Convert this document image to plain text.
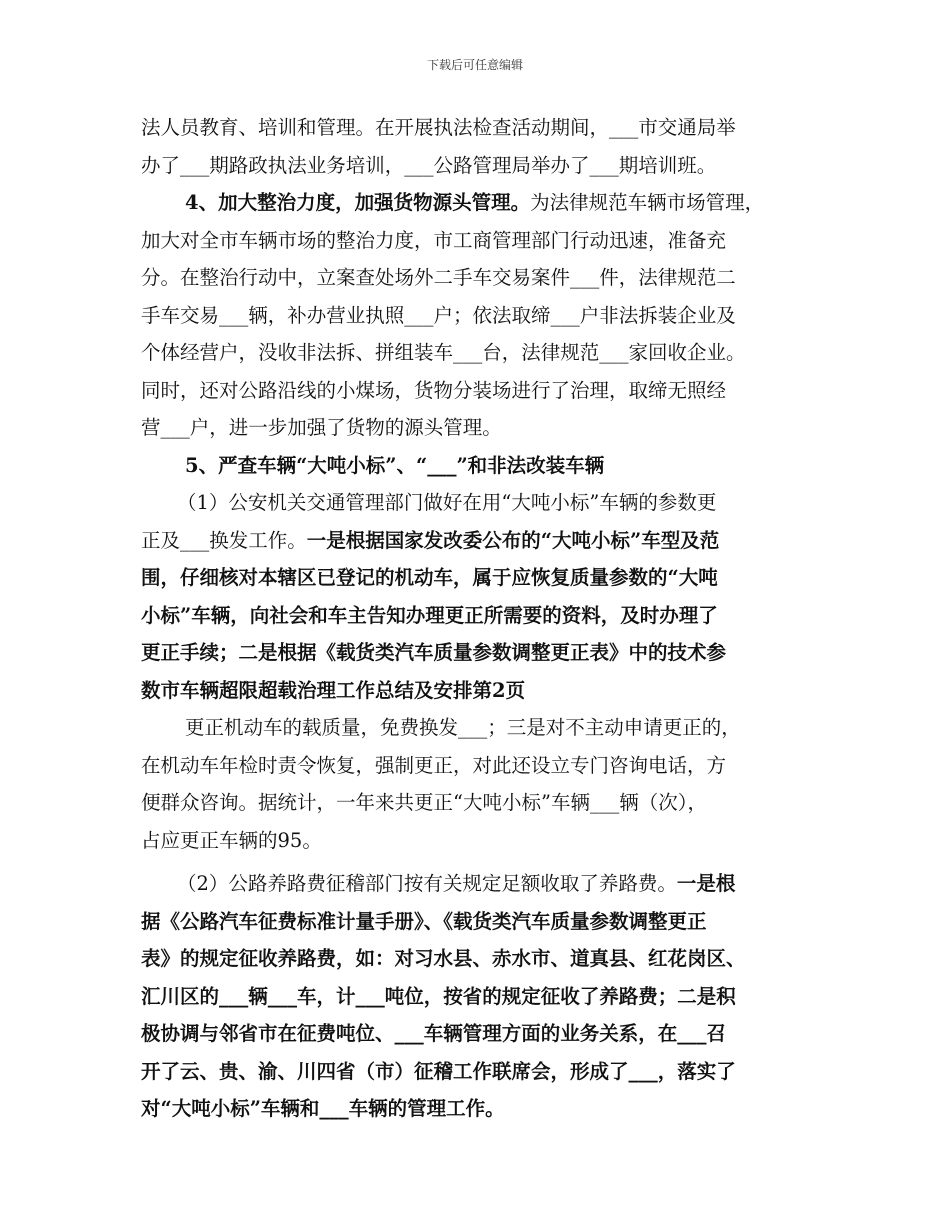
下载后可任意编辑
法人员教育、培训和管理。在开展执法检查活动期间，___市交通局举
办了___期路政执法业务培训，___公路管理局举办了___期培训班。
4、加大整治力度，加强货物源头管理。为法律规范车辆市场管理，
加大对全市车辆市场的整治力度，市工商管理部门行动迅速，准备充
分。在整治行动中，立案查处场外二手车交易案件___件，法律规范二
手车交易___辆，补办营业执照___户；依法取缔___户非法拆装企业及
个体经营户，没收非法拆、拼组装车___台，法律规范___家回收企业。
同时，还对公路沿线的小煤场，货物分装场进行了治理，取缔无照经
营___户，进一步加强了货物的源头管理。
5、严查车辆“大吨小标”、“___”和非法改装车辆
（1）公安机关交通管理部门做好在用“大吨小标”车辆的参数更
正及___换发工作。一是根据国家发改委公布的“大吨小标”车型及范
围，仔细核对本辖区已登记的机动车，属于应恢复质量参数的“大吨
小标”车辆，向社会和车主告知办理更正所需要的资料，及时办理了
更正手续；二是根据《载货类汽车质量参数调整更正表》中的技术参
数市车辆超限超载治理工作总结及安排第2页
更正机动车的载质量，免费换发___；三是对不主动申请更正的，
在机动车年检时责令恢复，强制更正，对此还设立专门咨询电话，方
便群众咨询。据统计，一年来共更正“大吨小标”车辆___辆（次），
占应更正车辆的95。
（2）公路养路费征稽部门按有关规定足额收取了养路费。一是根
据《公路汽车征费标准计量手册》、《载货类汽车质量参数调整更正
表》的规定征收养路费，如：对习水县、赤水市、道真县、红花岗区、
汇川区的___辆___车，计___吨位，按省的规定征收了养路费；二是积
极协调与邻省市在征费吨位、___车辆管理方面的业务关系，在___召
开了云、贵、渝、川四省（市）征稽工作联席会，形成了___，落实了
对“大吨小标”车辆和___车辆的管理工作。
